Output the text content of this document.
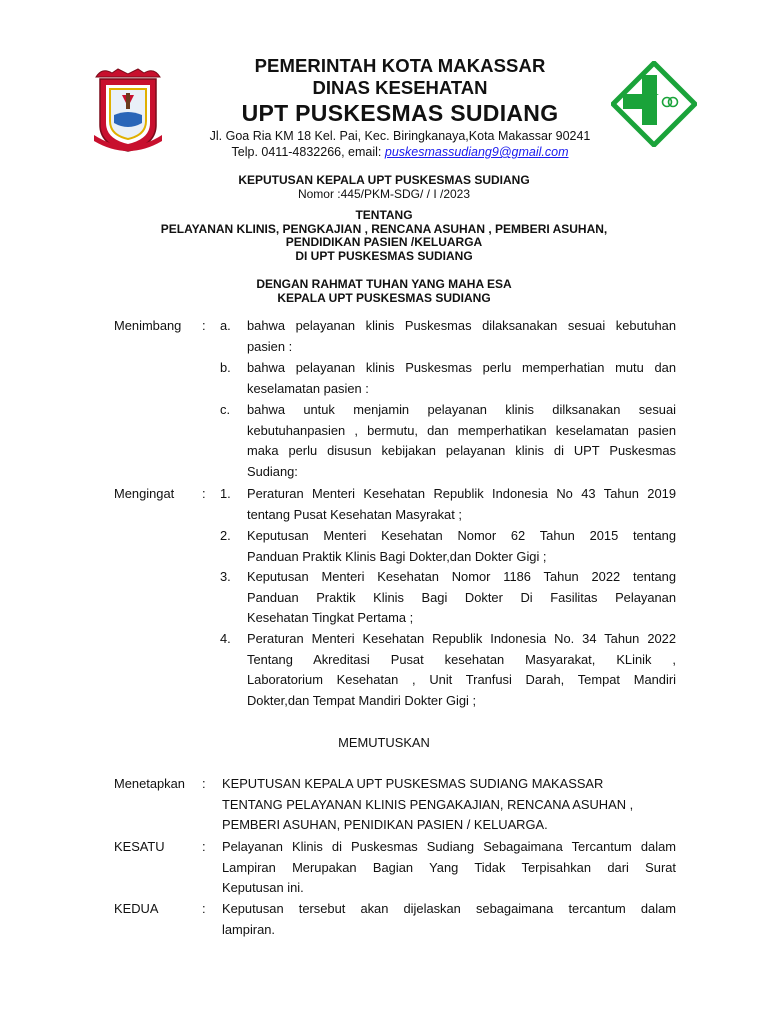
PEMERINTAH KOTA MAKASSAR
DINAS KESEHATAN
UPT PUSKESMAS SUDIANG
Jl. Goa Ria KM 18 Kel. Pai, Kec. Biringkanaya,Kota Makassar 90241
Telp. 0411-4832266, email: puskesmassudiang9@gmail.com
KEPUTUSAN KEPALA UPT PUSKESMAS SUDIANG
Nomor :445/PKM-SDG/ / I /2023
TENTANG
PELAYANAN KLINIS, PENGKAJIAN , RENCANA ASUHAN , PEMBERI ASUHAN,
PENDIDIKAN PASIEN /KELUARGA
DI UPT PUSKESMAS SUDIANG
DENGAN RAHMAT TUHAN YANG MAHA ESA
KEPALA UPT PUSKESMAS SUDIANG
Menimbang : a. bahwa pelayanan klinis Puskesmas dilaksanakan sesuai kebutuhan
pasien :
b. bahwa pelayanan klinis Puskesmas perlu memperhatian mutu dan
keselamatan pasien :
c. bahwa untuk menjamin pelayanan klinis dilksanakan sesuai
kebutuhanpasien , bermutu, dan memperhatikan keselamatan pasien
maka perlu disusun kebijakan pelayanan klinis di UPT Puskesmas
Sudiang:
Mengingat : 1. Peraturan Menteri Kesehatan Republik Indonesia No 43 Tahun 2019
tentang Pusat Kesehatan Masyrakat ;
2. Keputusan Menteri Kesehatan Nomor 62 Tahun 2015 tentang
Panduan Praktik Klinis Bagi Dokter,dan Dokter Gigi ;
3. Keputusan Menteri Kesehatan Nomor 1186 Tahun 2022 tentang
Panduan Praktik Klinis Bagi Dokter Di Fasilitas Pelayanan
Kesehatan Tingkat Pertama ;
4. Peraturan Menteri Kesehatan Republik Indonesia No. 34 Tahun 2022
Tentang Akreditasi Pusat kesehatan Masyarakat, KLinik ,
Laboratorium Kesehatan , Unit Tranfusi Darah, Tempat Mandiri
Dokter,dan Tempat Mandiri Dokter Gigi ;
MEMUTUSKAN
Menetapkan : KEPUTUSAN KEPALA UPT PUSKESMAS SUDIANG MAKASSAR
TENTANG PELAYANAN KLINIS PENGAKAJIAN, RENCANA ASUHAN ,
PEMBERI ASUHAN, PENIDIKAN PASIEN / KELUARGA.
KESATU	: Pelayanan Klinis di Puskesmas Sudiang Sebagaimana Tercantum dalam
Lampiran Merupakan Bagian Yang Tidak Terpisahkan dari Surat
Keputusan ini.
KEDUA	: Keputusan tersebut akan dijelaskan sebagaimana tercantum dalam
lampiran.
